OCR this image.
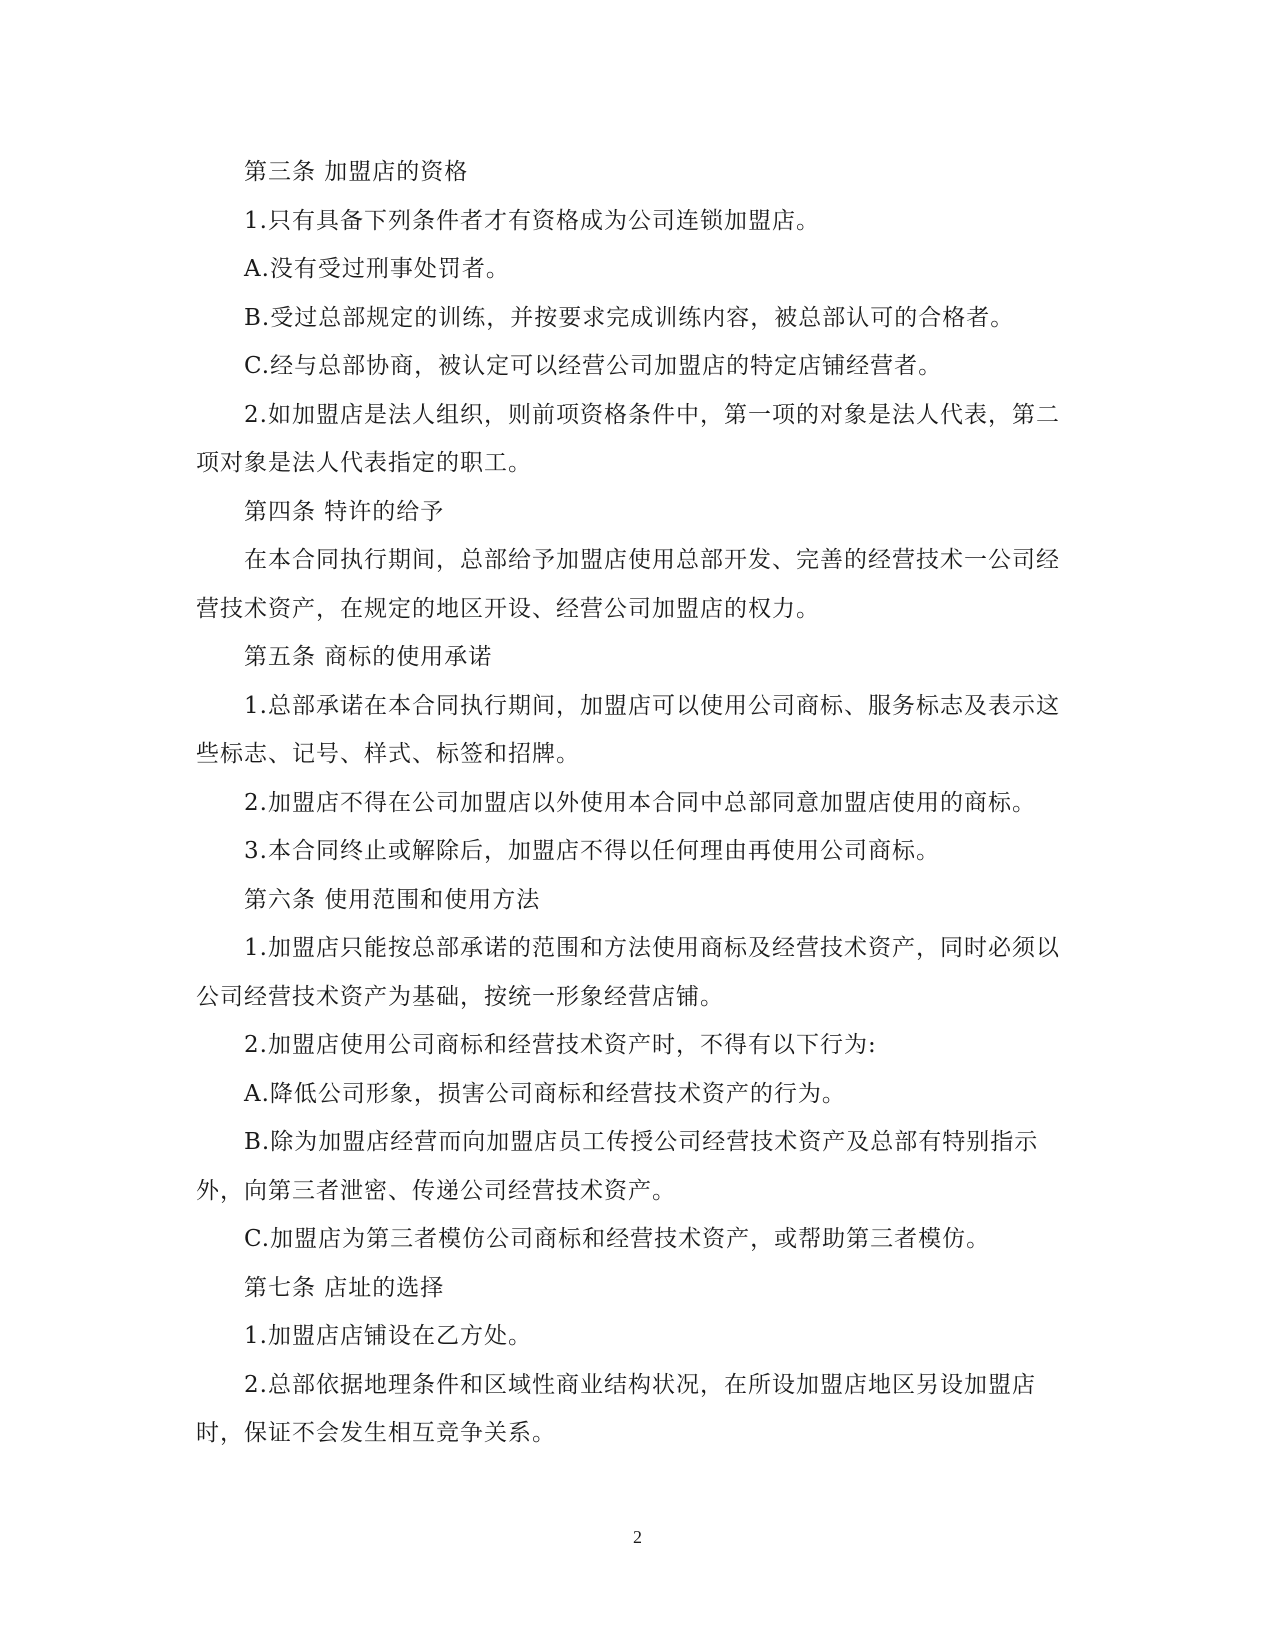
第三条 加盟店的资格

1.只有具备下列条件者才有资格成为公司连锁加盟店。

A.没有受过刑事处罚者。

B.受过总部规定的训练，并按要求完成训练内容，被总部认可的合格者。

C.经与总部协商，被认定可以经营公司加盟店的特定店铺经营者。

2.如加盟店是法人组织，则前项资格条件中，第一项的对象是法人代表，第二项对象是法人代表指定的职工。

第四条 特许的给予

在本合同执行期间，总部给予加盟店使用总部开发、完善的经营技术一公司经营技术资产，在规定的地区开设、经营公司加盟店的权力。

第五条 商标的使用承诺

1.总部承诺在本合同执行期间，加盟店可以使用公司商标、服务标志及表示这些标志、记号、样式、标签和招牌。

2.加盟店不得在公司加盟店以外使用本合同中总部同意加盟店使用的商标。

3.本合同终止或解除后，加盟店不得以任何理由再使用公司商标。

第六条 使用范围和使用方法

1.加盟店只能按总部承诺的范围和方法使用商标及经营技术资产，同时必须以公司经营技术资产为基础，按统一形象经营店铺。

2.加盟店使用公司商标和经营技术资产时，不得有以下行为:

A.降低公司形象，损害公司商标和经营技术资产的行为。

B.除为加盟店经营而向加盟店员工传授公司经营技术资产及总部有特别指示外，向第三者泄密、传递公司经营技术资产。

C.加盟店为第三者模仿公司商标和经营技术资产，或帮助第三者模仿。

第七条 店址的选择

1.加盟店店铺设在乙方处。

2.总部依据地理条件和区域性商业结构状况，在所设加盟店地区另设加盟店时，保证不会发生相互竞争关系。

2
